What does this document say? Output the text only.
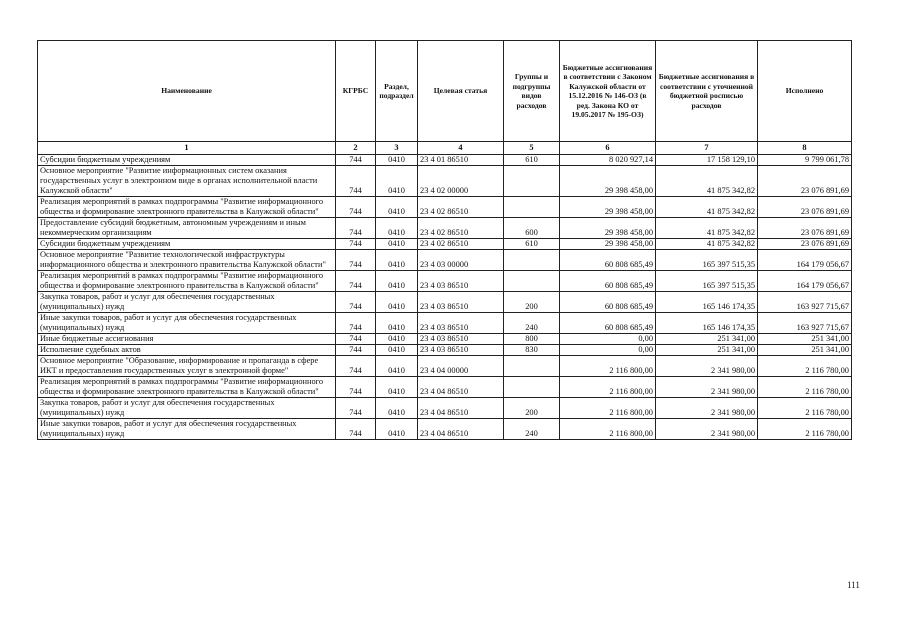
Наименование	КГРБС	Раздел, подраздел	Целевая статья	Группы и подгруппы видов расходов	Бюджетные ассигнования в соответствии с Законом Калужской области от 15.12.2016 № 146-ОЗ (в ред. Закона КО от 19.05.2017 № 195-ОЗ)	Бюджетные ассигнования в соответствии с уточненной бюджетной росписью расходов	Исполнено
1	2	3	4	5	6	7	8
Субсидии бюджетным учреждениям	744	0410	23 4 01 86510	610	8 020 927,14	17 158 129,10	9 799 061,78
Основное мероприятие "Развитие информационных систем оказания государственных услуг в электронном виде в органах исполнительной власти Калужской области"	744	0410	23 4 02 00000		29 398 458,00	41 875 342,82	23 076 891,69
Реализация мероприятий в рамках подпрограммы "Развитие информационного общества и формирование электронного правительства в Калужской области"	744	0410	23 4 02 86510		29 398 458,00	41 875 342,82	23 076 891,69
Предоставление субсидий бюджетным, автономным учреждениям и иным некоммерческим организациям	744	0410	23 4 02 86510	600	29 398 458,00	41 875 342,82	23 076 891,69
Субсидии бюджетным учреждениям	744	0410	23 4 02 86510	610	29 398 458,00	41 875 342,82	23 076 891,69
Основное мероприятие "Развитие технологической инфраструктуры информационного общества и электронного правительства Калужской области"	744	0410	23 4 03 00000		60 808 685,49	165 397 515,35	164 179 056,67
Реализация мероприятий в рамках подпрограммы "Развитие информационного общества и формирование электронного правительства в Калужской области"	744	0410	23 4 03 86510		60 808 685,49	165 397 515,35	164 179 056,67
Закупка товаров, работ и услуг для обеспечения государственных (муниципальных) нужд	744	0410	23 4 03 86510	200	60 808 685,49	165 146 174,35	163 927 715,67
Иные закупки товаров, работ и услуг для обеспечения государственных (муниципальных) нужд	744	0410	23 4 03 86510	240	60 808 685,49	165 146 174,35	163 927 715,67
Иные бюджетные ассигнования	744	0410	23 4 03 86510	800	0,00	251 341,00	251 341,00
Исполнение судебных актов	744	0410	23 4 03 86510	830	0,00	251 341,00	251 341,00
Основное мероприятие "Образование, информирование и пропаганда в сфере ИКТ и предоставления государственных услуг в электронной форме"	744	0410	23 4 04 00000		2 116 800,00	2 341 980,00	2 116 780,00
Реализация мероприятий в рамках подпрограммы "Развитие информационного общества и формирование электронного правительства в Калужской области"	744	0410	23 4 04 86510		2 116 800,00	2 341 980,00	2 116 780,00
Закупка товаров, работ и услуг для обеспечения государственных (муниципальных) нужд	744	0410	23 4 04 86510	200	2 116 800,00	2 341 980,00	2 116 780,00
Иные закупки товаров, работ и услуг для обеспечения государственных (муниципальных) нужд	744	0410	23 4 04 86510	240	2 116 800,00	2 341 980,00	2 116 780,00
111
